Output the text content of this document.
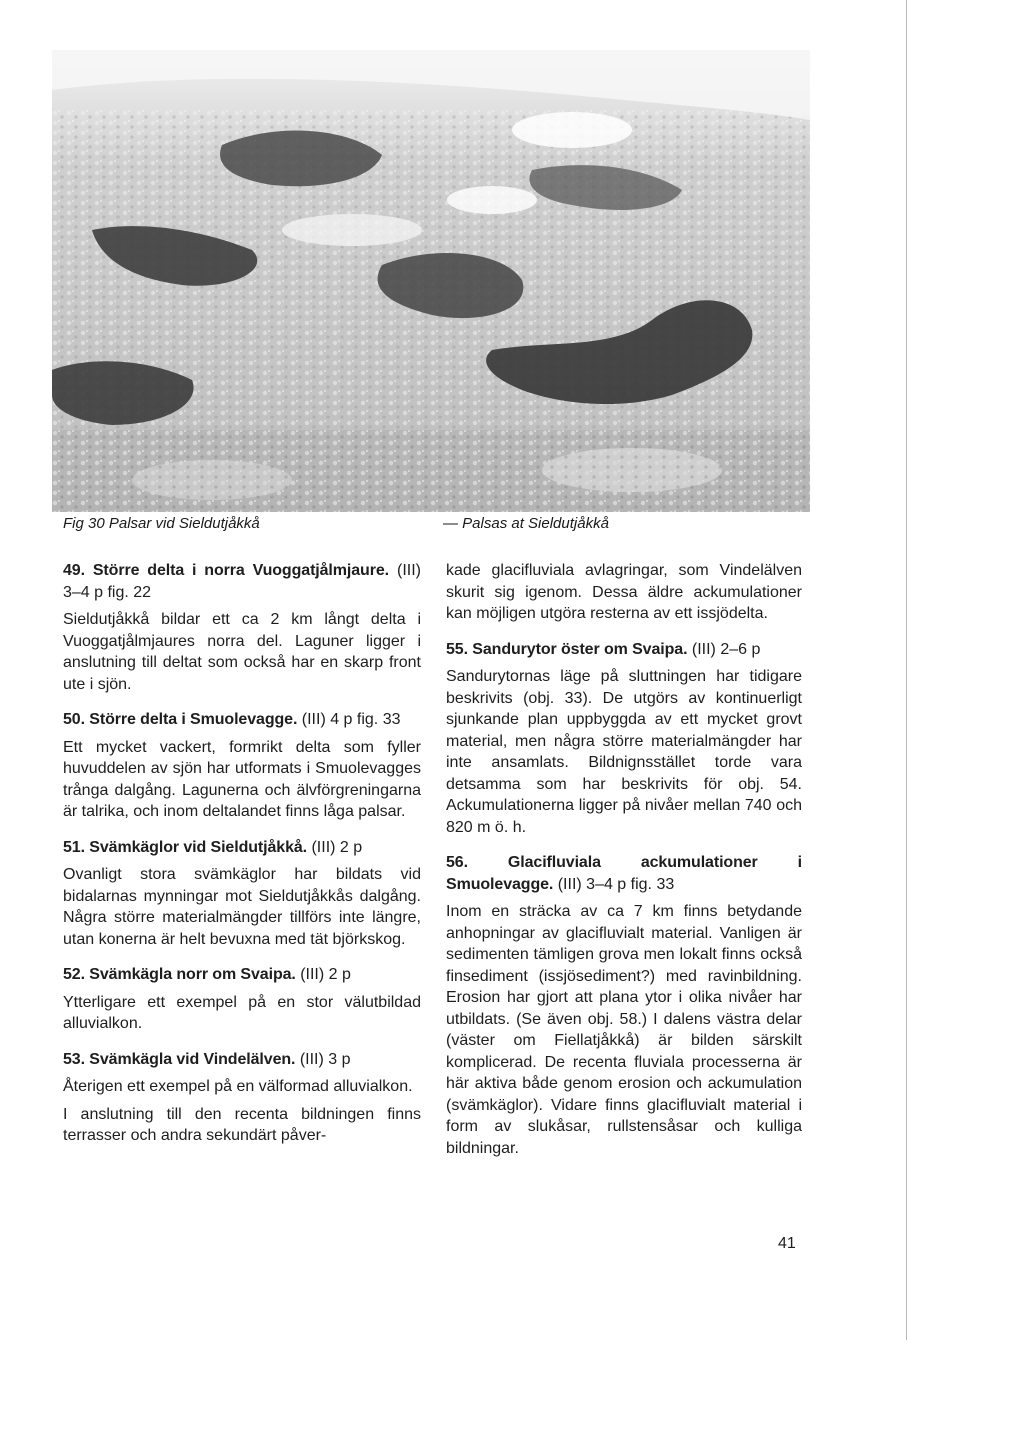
Fig 30 Palsar vid Sieldutjåkkå	— Palsas at Sieldutjåkkå

49. Större delta i norra Vuoggatjålmjaure. (III) 3–4 p fig. 22

Sieldutjåkkå bildar ett ca 2 km långt delta i Vuoggatjålmjaures norra del. Laguner ligger i anslutning till deltat som också har en skarp front ute i sjön.

50. Större delta i Smuolevagge. (III) 4 p fig. 33

Ett mycket vackert, formrikt delta som fyller huvuddelen av sjön har utformats i Smuolevagges trånga dalgång. Lagunerna och älvförgreningarna är talrika, och inom deltalandet finns låga palsar.

51. Svämkäglor vid Sieldutjåkkå. (III) 2 p

Ovanligt stora svämkäglor har bildats vid bidalarnas mynningar mot Sieldutjåkkås dalgång. Några större materialmängder tillförs inte längre, utan konerna är helt bevuxna med tät björkskog.

52. Svämkägla norr om Svaipa. (III) 2 p

Ytterligare ett exempel på en stor välutbildad alluvialkon.

53. Svämkägla vid Vindelälven. (III) 3 p

Återigen ett exempel på en välformad alluvialkon.

I anslutning till den recenta bildningen finns terrasser och andra sekundärt påver-

kade glacifluviala avlagringar, som Vindelälven skurit sig igenom. Dessa äldre ackumulationer kan möjligen utgöra resterna av ett issjödelta.

55. Sandurytor öster om Svaipa. (III) 2–6 p

Sandurytornas läge på sluttningen har tidigare beskrivits (obj. 33). De utgörs av kontinuerligt sjunkande plan uppbyggda av ett mycket grovt material, men några större materialmängder har inte ansamlats. Bildnignsstället torde vara detsamma som har beskrivits för obj. 54. Ackumulationerna ligger på nivåer mellan 740 och 820 m ö. h.

56. Glacifluviala ackumulationer i Smuolevagge. (III) 3–4 p fig. 33

Inom en sträcka av ca 7 km finns betydande anhopningar av glacifluvialt material. Vanligen är sedimenten tämligen grova men lokalt finns också finsediment (issjösediment?) med ravinbildning. Erosion har gjort att plana ytor i olika nivåer har utbildats. (Se även obj. 58.) I dalens västra delar (väster om Fiellatjåkkå) är bilden särskilt komplicerad. De recenta fluviala processerna är här aktiva både genom erosion och ackumulation (svämkäglor). Vidare finns glacifluvialt material i form av slukåsar, rullstensåsar och kulliga bildningar.

41
